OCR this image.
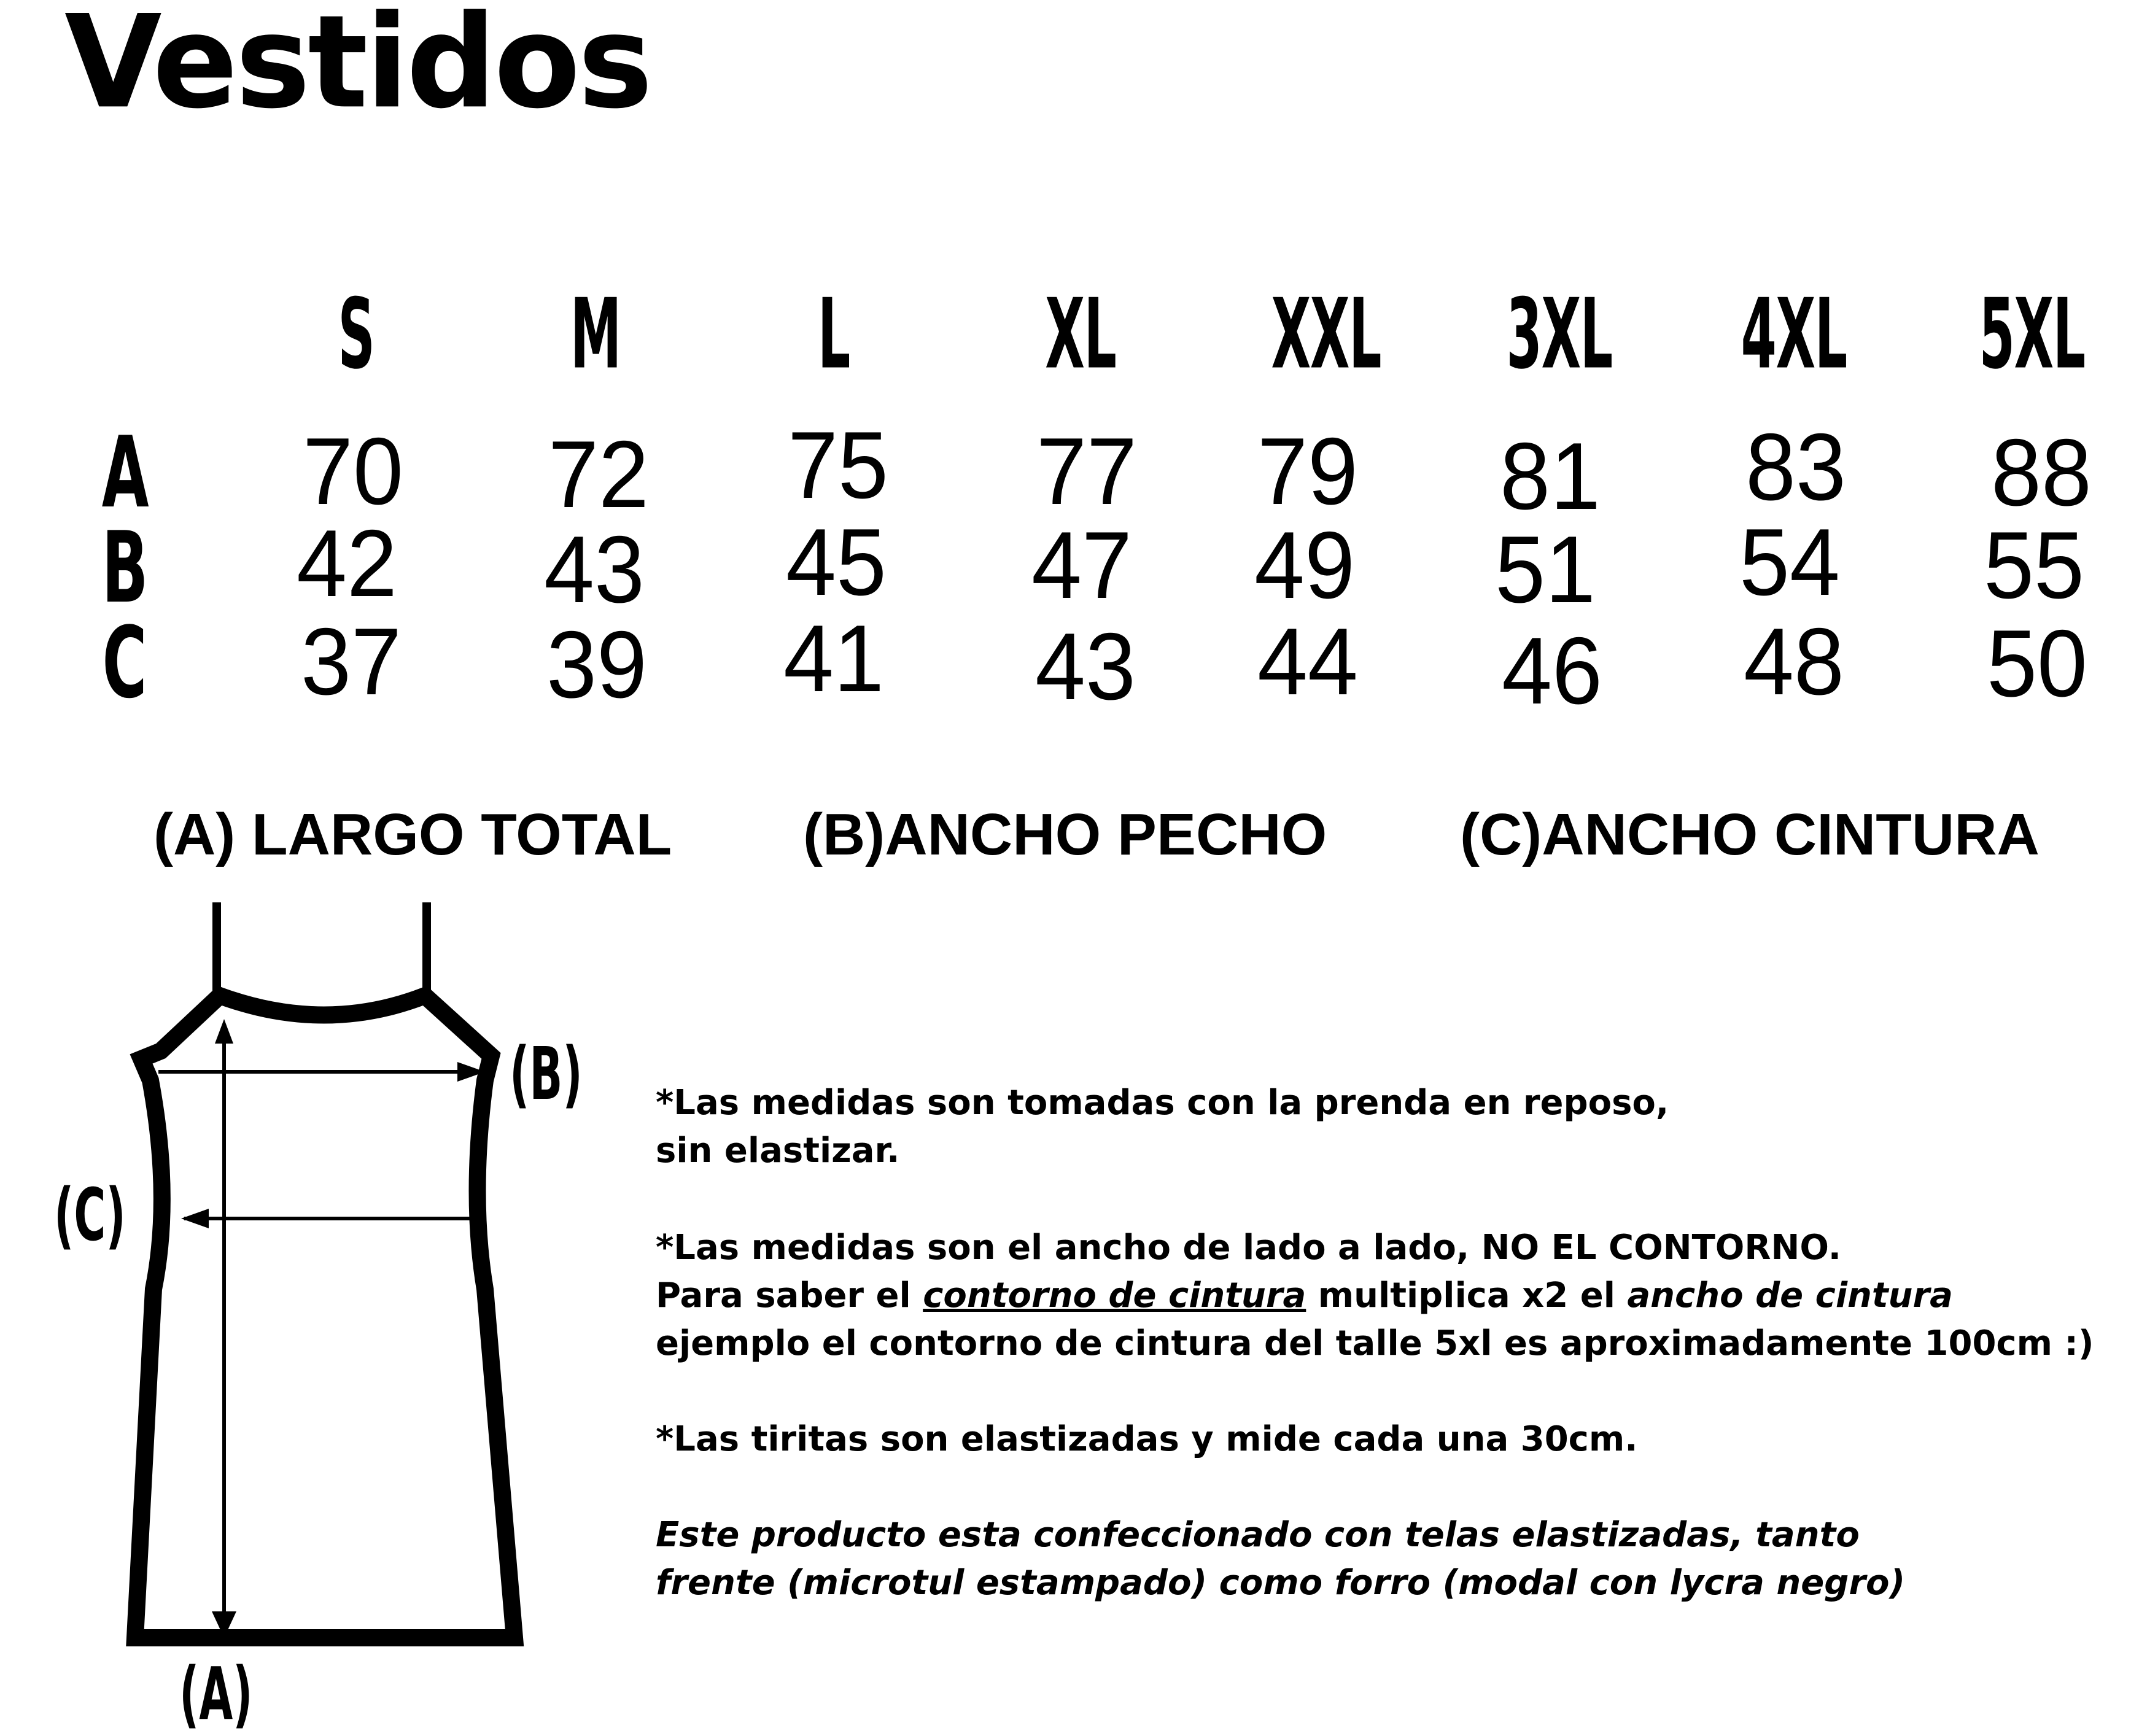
Vestidos
S M	L	XL XXL 3XL 4XL 5XL
A
B
C
70 72 75 77 79 81 83 88
42 43 45 47 49 51 54 55
37 39 41 43 44 46 48 50
(A) LARGO TOTAL (B)ANCHO PECHO (C)ANCHO CINTURA
(B)
(C)
(A)

*Las medidas son tomadas con la prenda en reposo,

sin elastizar.

*Las medidas son el ancho de lado a lado, NO EL CONTORNO.

Para saber el contorno de cintura multiplica x2 el ancho de cintura

ejemplo el contorno de cintura del talle 5xl es aproximadamente 100cm :)

*Las tiritas son elastizadas y mide cada una 30cm.

Este producto esta confeccionado con telas elastizadas, tanto

frente (microtul estampado) como forro (modal con lycra negro)
